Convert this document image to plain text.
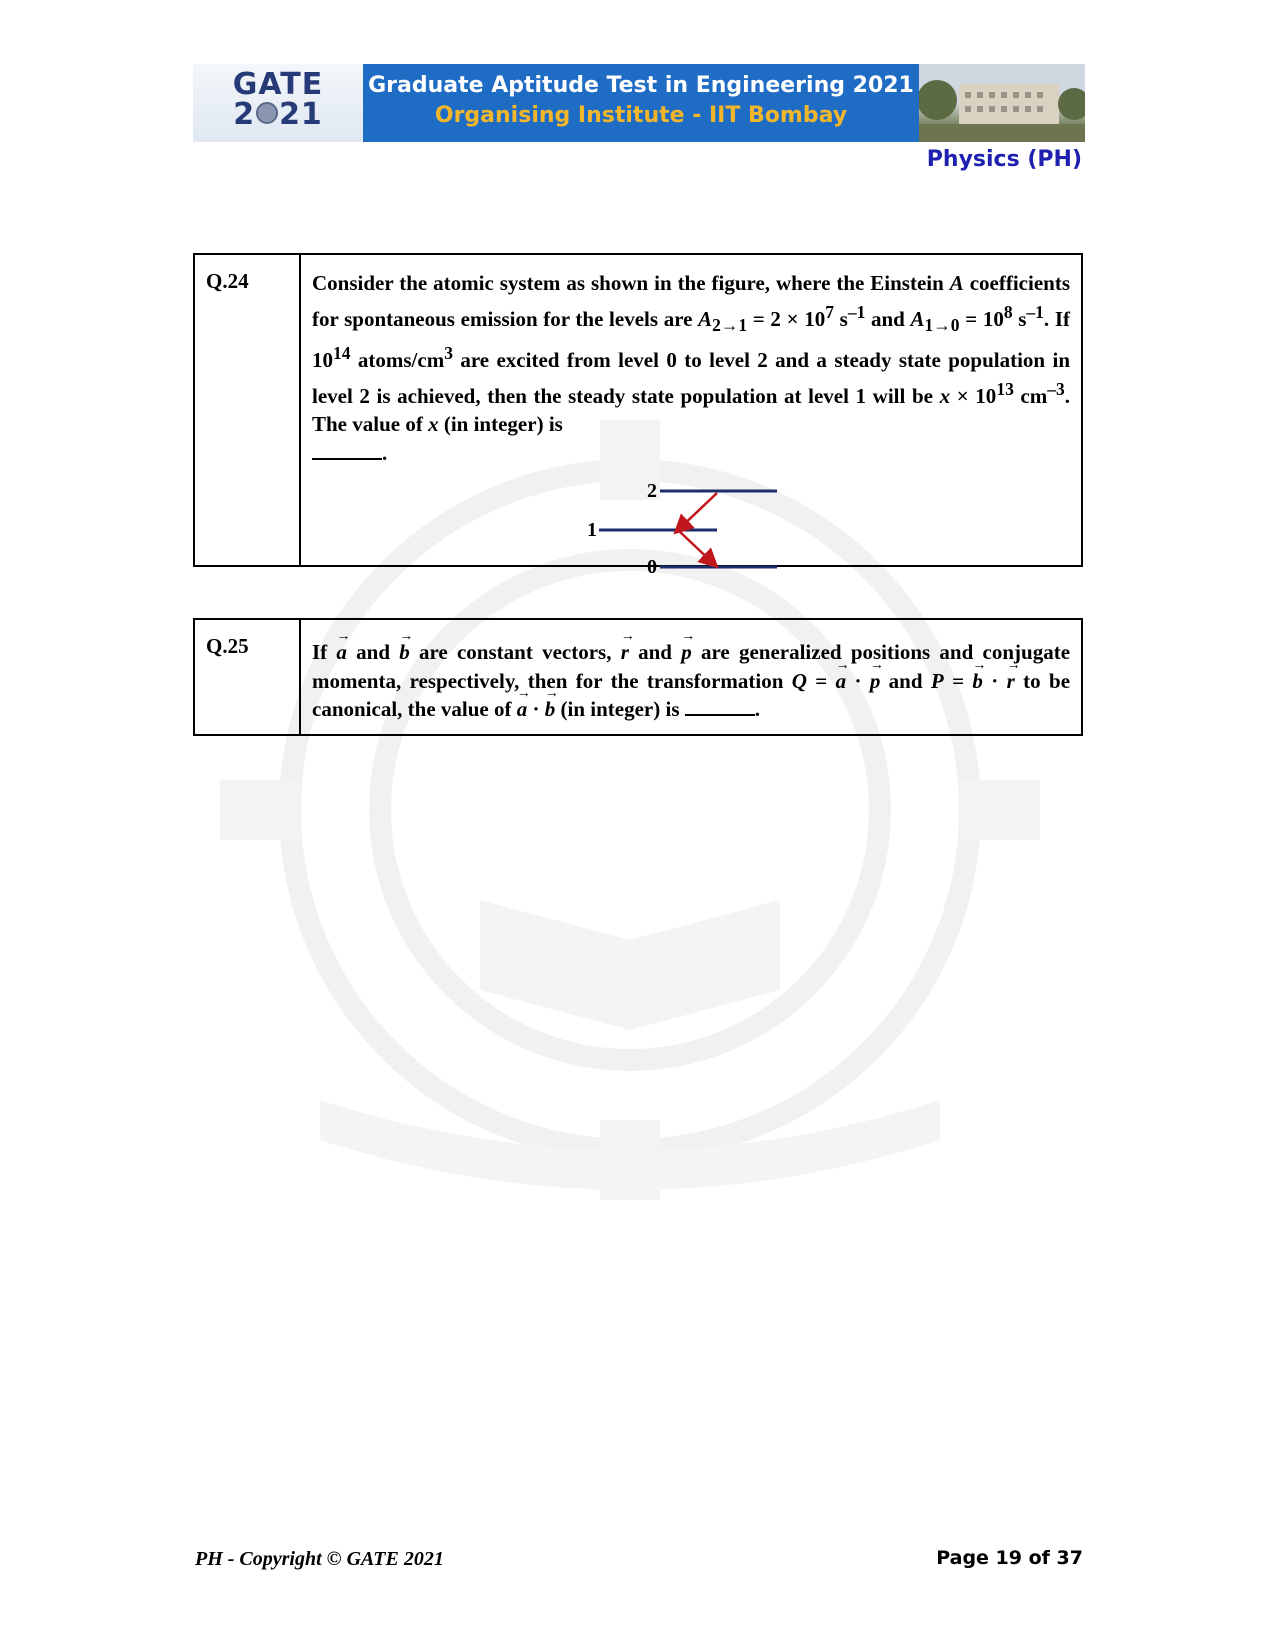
GATE
2 21
Graduate Aptitude Test in Engineering 2021
Organising Institute - IIT Bombay
Physics (PH)
Q.24	Consider the atomic system as shown in the figure, where the Einstein A coefficients for spontaneous emission for the levels are $A_{2\to 1} = 2 \times 10^7$ $s^{-1}$ and $A_{1\to 0} = 10^8$ $s^{-1}$. If $10^{14}$ atoms/$cm^3$ are excited from level 0 to level 2 and a steady state population in level 2 is achieved, then the steady state population at level 1 will be $x \times 10^{13}$ $cm^{-3}$. The value of x (in integer) is
.
2
1
0
Q.25	If → a and → b are constant vectors, → r and → p are generalized positions and conjugate momenta, respectively, then for the transformation Q = → a · → p and P = → b · → r to be canonical, the value of → a · → b (in integer) is	.
PH - Copyright © GATE 2021	Page 19 of 37
